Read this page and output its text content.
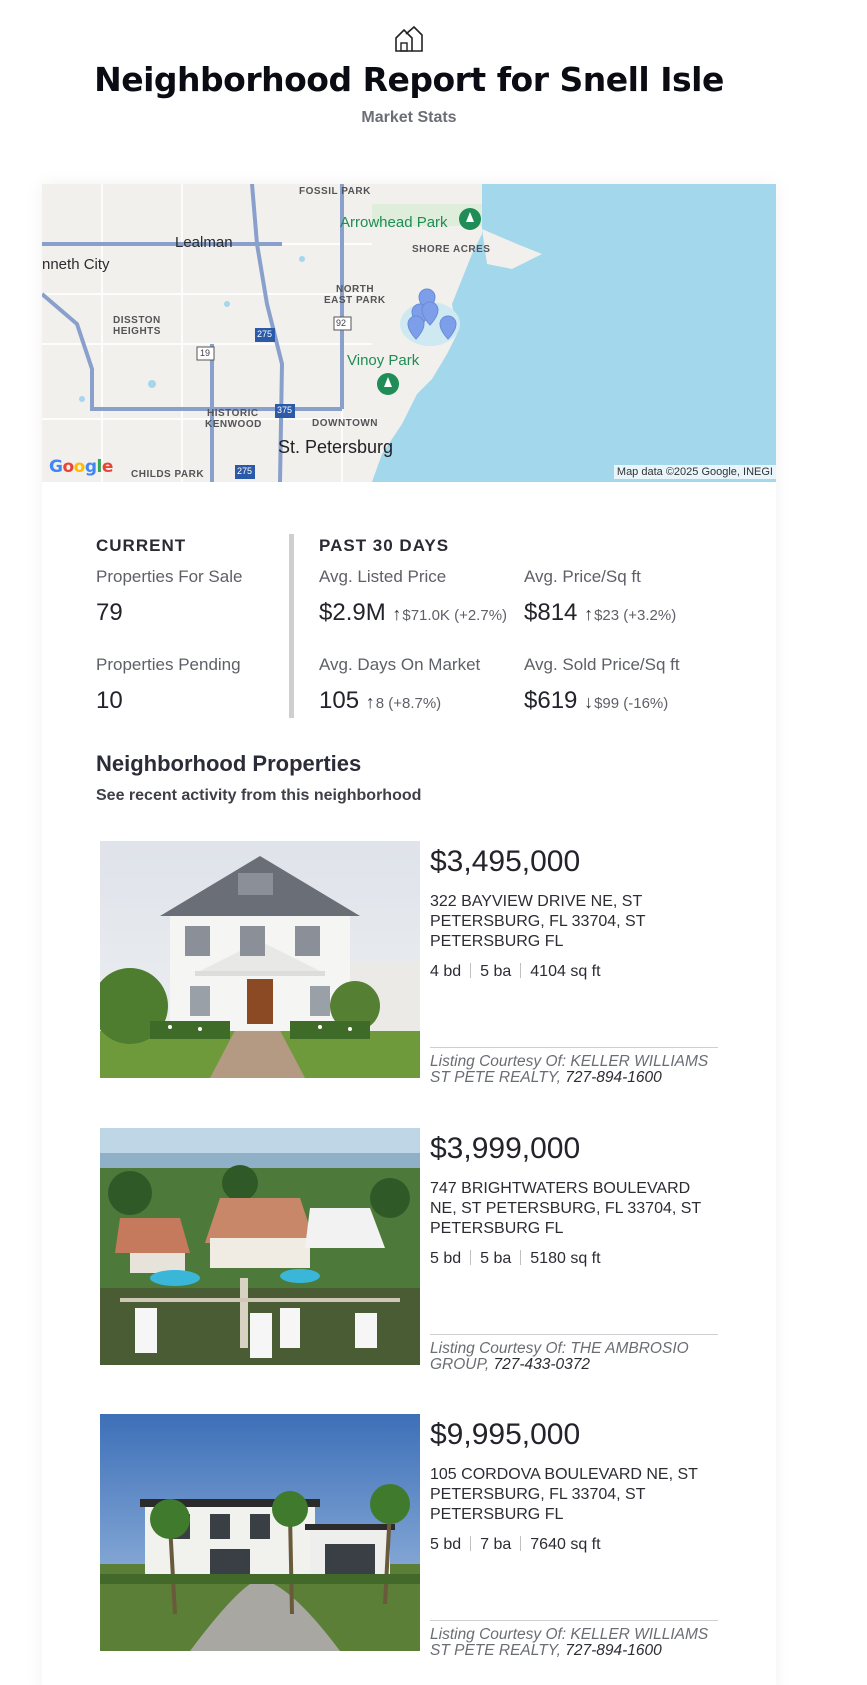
Neighborhood Report for Snell Isle
Market Stats
FOSSIL PARK
Arrowhead Park
Lealman
nneth City
SHORE ACRES
NORTH
EAST PARK
DISSTON
HEIGHTS
Vinoy Park
HISTORIC
KENWOOD	DOWNTOWN
St. Petersburg
CHILDS PARK
92
19
275
375
275
Google	Map data ©2025 Google, INEGI
CURRENT	PAST 30 DAYS
Properties For Sale
79
Properties Pending
10
Avg. Listed Price
$2.9M ↑$71.0K (+2.7%)
Avg. Price/Sq ft
$814 ↑$23 (+3.2%)
Avg. Days On Market
105 ↑8 (+8.7%)
Avg. Sold Price/Sq ft
$619 ↓$99 (-16%)
Neighborhood Properties
See recent activity from this neighborhood
$3,495,000
322 BAYVIEW DRIVE NE, ST PETERSBURG, FL 33704, ST PETERSBURG FL
4 bd 5 ba 4104 sq ft
Listing Courtesy Of: KELLER WILLIAMS ST PETE REALTY, 727-894-1600
$3,999,000
747 BRIGHTWATERS BOULEVARD NE, ST PETERSBURG, FL 33704, ST PETERSBURG FL
5 bd 5 ba 5180 sq ft
Listing Courtesy Of: THE AMBROSIO GROUP, 727-433-0372
$9,995,000
105 CORDOVA BOULEVARD NE, ST PETERSBURG, FL 33704, ST PETERSBURG FL
5 bd 7 ba 7640 sq ft
Listing Courtesy Of: KELLER WILLIAMS ST PETE REALTY, 727-894-1600
